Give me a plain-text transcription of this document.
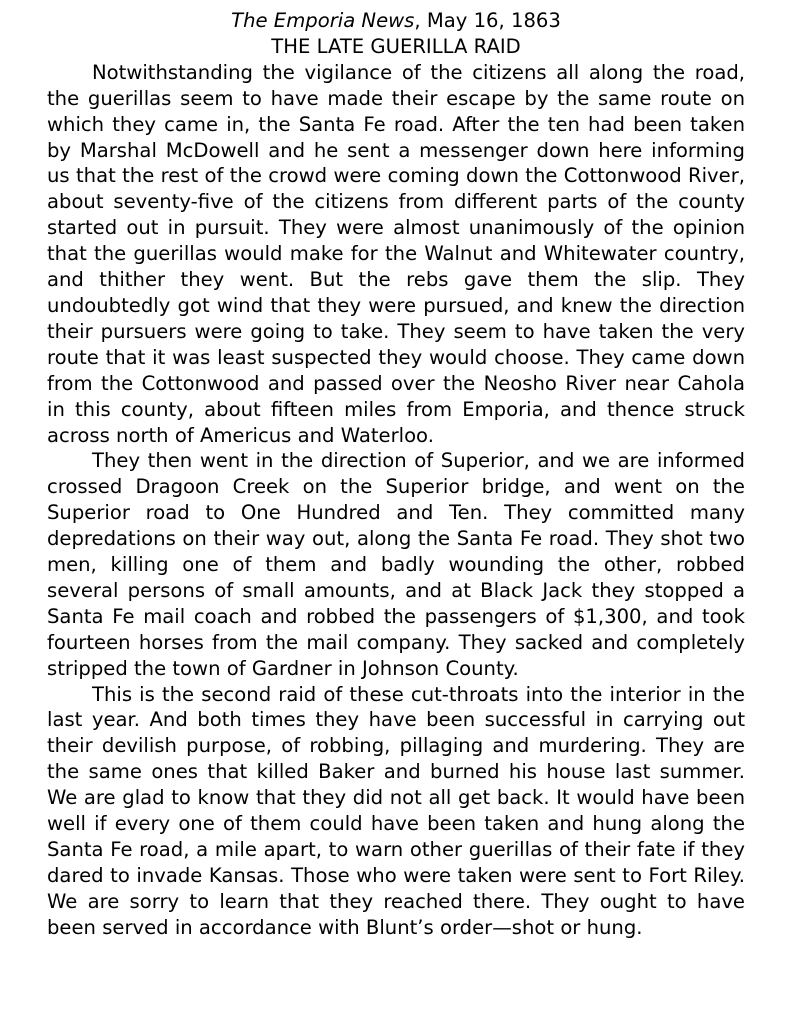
The Emporia News, May 16, 1863

THE LATE GUERILLA RAID

Notwithstanding the vigilance of the citizens all along the road, the guerillas seem to have made their escape by the same route on which they came in, the Santa Fe road. After the ten had been taken by Marshal McDowell and he sent a messenger down here informing us that the rest of the crowd were coming down the Cottonwood River, about seventy-five of the citizens from different parts of the county started out in pursuit. They were almost unanimously of the opinion that the guerillas would make for the Walnut and Whitewater country, and thither they went. But the rebs gave them the slip. They undoubtedly got wind that they were pursued, and knew the direction their pursuers were going to take. They seem to have taken the very route that it was least suspected they would choose. They came down from the Cottonwood and passed over the Neosho River near Cahola in this county, about fifteen miles from Emporia, and thence struck across north of Americus and Waterloo.

They then went in the direction of Superior, and we are informed crossed Dragoon Creek on the Superior bridge, and went on the Superior road to One Hundred and Ten. They committed many depredations on their way out, along the Santa Fe road. They shot two men, killing one of them and badly wounding the other, robbed several persons of small amounts, and at Black Jack they stopped a Santa Fe mail coach and robbed the passengers of $1,300, and took fourteen horses from the mail company. They sacked and completely stripped the town of Gardner in Johnson County.

This is the second raid of these cut-throats into the interior in the last year. And both times they have been successful in carrying out their devilish purpose, of robbing, pillaging and murdering. They are the same ones that killed Baker and burned his house last summer. We are glad to know that they did not all get back. It would have been well if every one of them could have been taken and hung along the Santa Fe road, a mile apart, to warn other guerillas of their fate if they dared to invade Kansas. Those who were taken were sent to Fort Riley. We are sorry to learn that they reached there. They ought to have been served in accordance with Blunt’s order—shot or hung.
